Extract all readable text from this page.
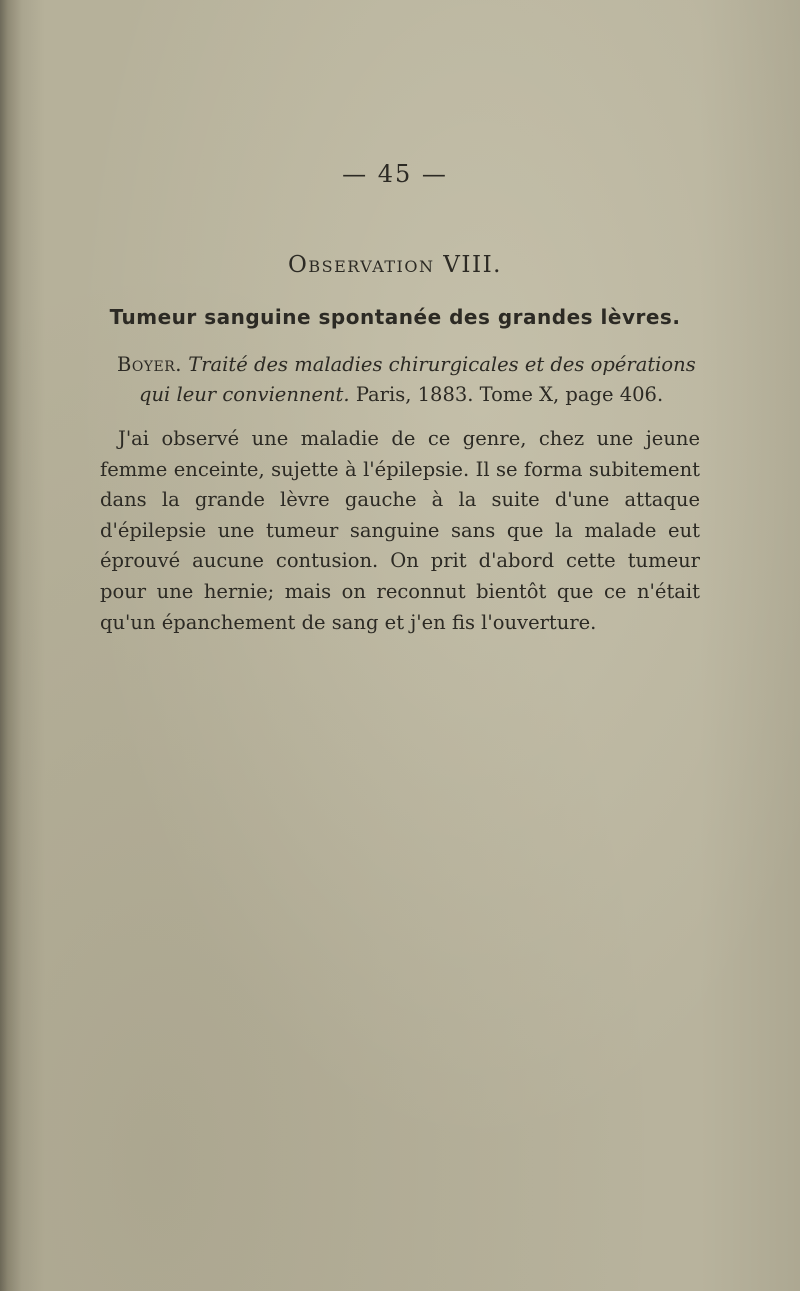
— 45 —
Observation VIII.
Tumeur sanguine spontanée des grandes lèvres.
Boyer. Traité des maladies chirurgicales et des opérations qui leur conviennent. Paris, 1883. Tome X, page 406.

J'ai observé une maladie de ce genre, chez une jeune femme enceinte, sujette à l'épilepsie. Il se forma subitement dans la grande lèvre gauche à la suite d'une attaque d'épilepsie une tumeur sanguine sans que la malade eut éprouvé aucune contusion. On prit d'abord cette tumeur pour une hernie; mais on reconnut bientôt que ce n'était qu'un épanchement de sang et j'en fis l'ouverture.
